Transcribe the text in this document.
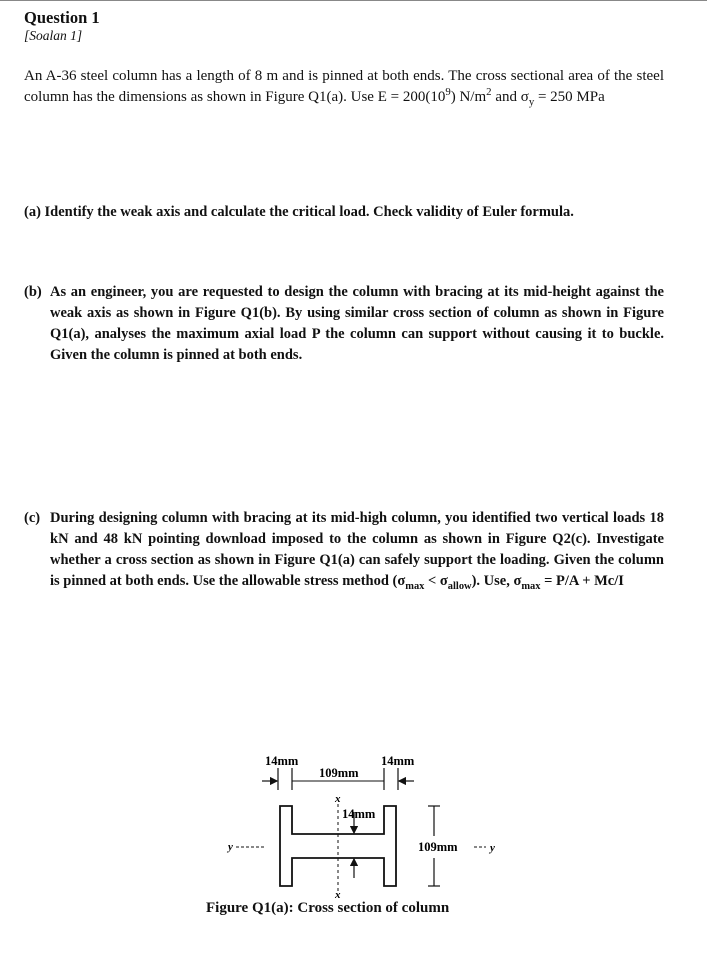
Question 1
[Soalan 1]
An A-36 steel column has a length of 8 m and is pinned at both ends. The cross sectional area of the steel column has the dimensions as shown in Figure Q1(a). Use $E = 200(10^9)$ $N/m^2$ and $\sigma_y = 250$ MPa
(a) Identify the weak axis and calculate the critical load. Check validity of Euler formula.
(b) As an engineer, you are requested to design the column with bracing at its mid-height against the weak axis as shown in Figure Q1(b). By using similar cross section of column as shown in Figure Q1(a), analyses the maximum axial load P the column can support without causing it to buckle. Given the column is pinned at both ends.
(c) During designing column with bracing at its mid-high column, you identified two vertical loads 18 kN and 48 kN pointing download imposed to the column as shown in Figure Q2(c). Investigate whether a cross section as shown in Figure Q1(a) can safely support the loading. Given the column is pinned at both ends. Use the allowable stress method $(\sigma_{max} < \sigma_{allow})$. Use, $\sigma_{max} = P/A + Mc/I$
14mm	14mm
109mm
x
x
14mm
y	y
109mm
Figure Q1(a): Cross section of column
